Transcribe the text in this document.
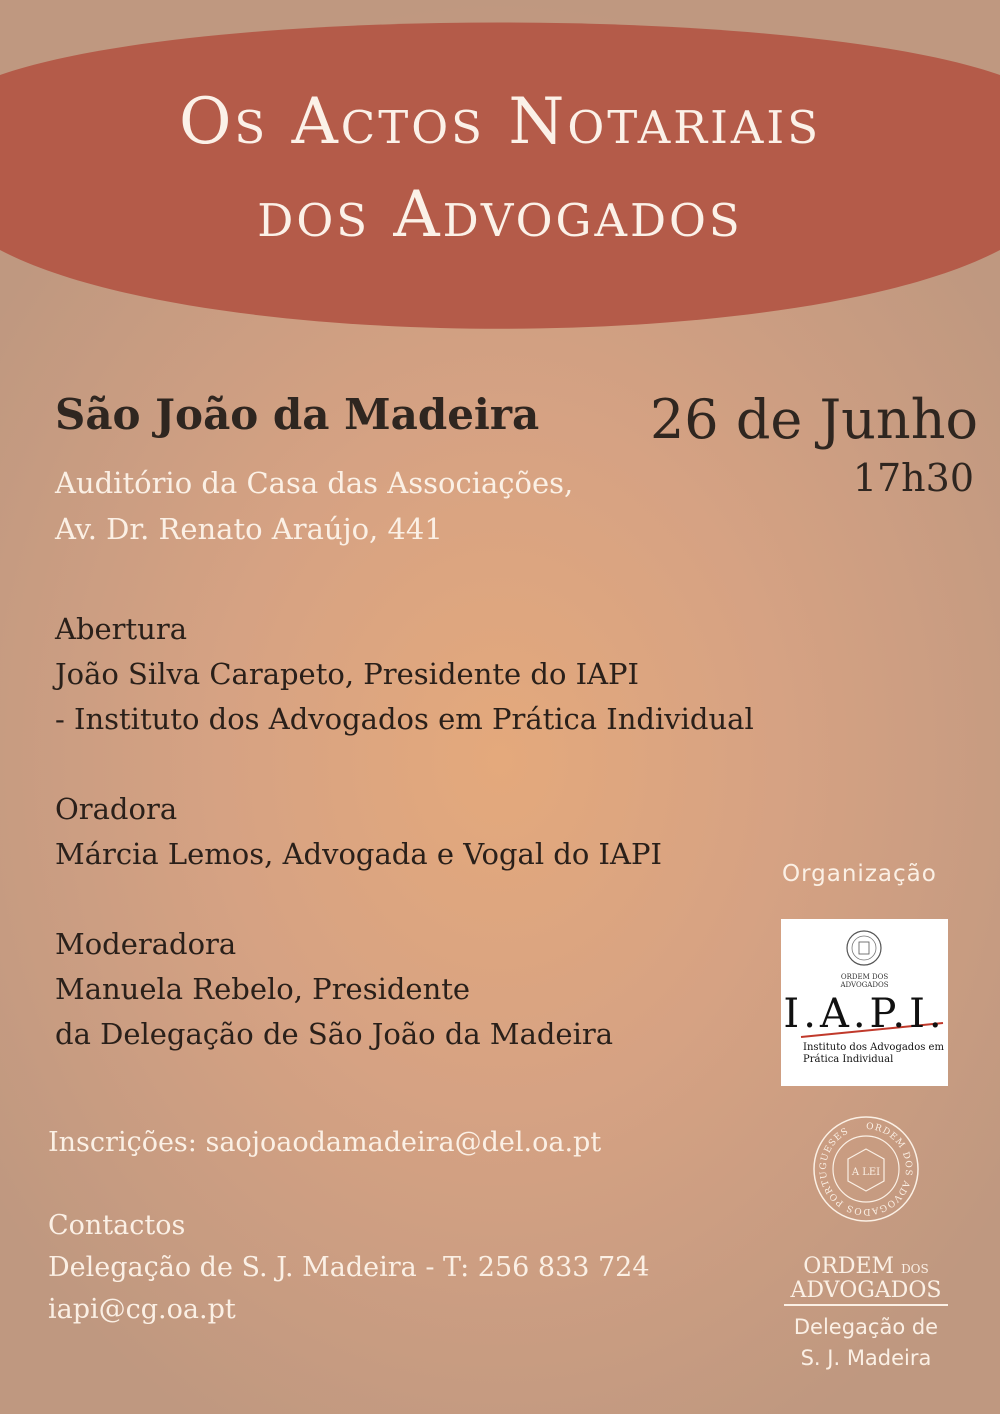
Os Actos Notariais
dos Advogados

São João da Madeira 26 de Junho

17h30

Auditório da Casa das Associações,
Av. Dr. Renato Araújo, 441
Abertura
João Silva Carapeto, Presidente do IAPI
- Instituto dos Advogados em Prática Individual
Oradora
Márcia Lemos, Advogada e Vogal do IAPI
Moderadora
Manuela Rebelo, Presidente
da Delegação de São João da Madeira
Inscrições: saojoaodamadeira@del.oa.pt
Contactos
Delegação de S. J. Madeira - T: 256 833 724
iapi@cg.oa.pt
Organização
ORDEM DOS
ADVOGADOS
I.A.P.I.
Instituto dos Advogados em
Prática Individual
ORDEM DOS ADVOGADOS PORTUGUESES
A LEI
ORDEM DOS
ADVOGADOS
Delegação de
S. J. Madeira
